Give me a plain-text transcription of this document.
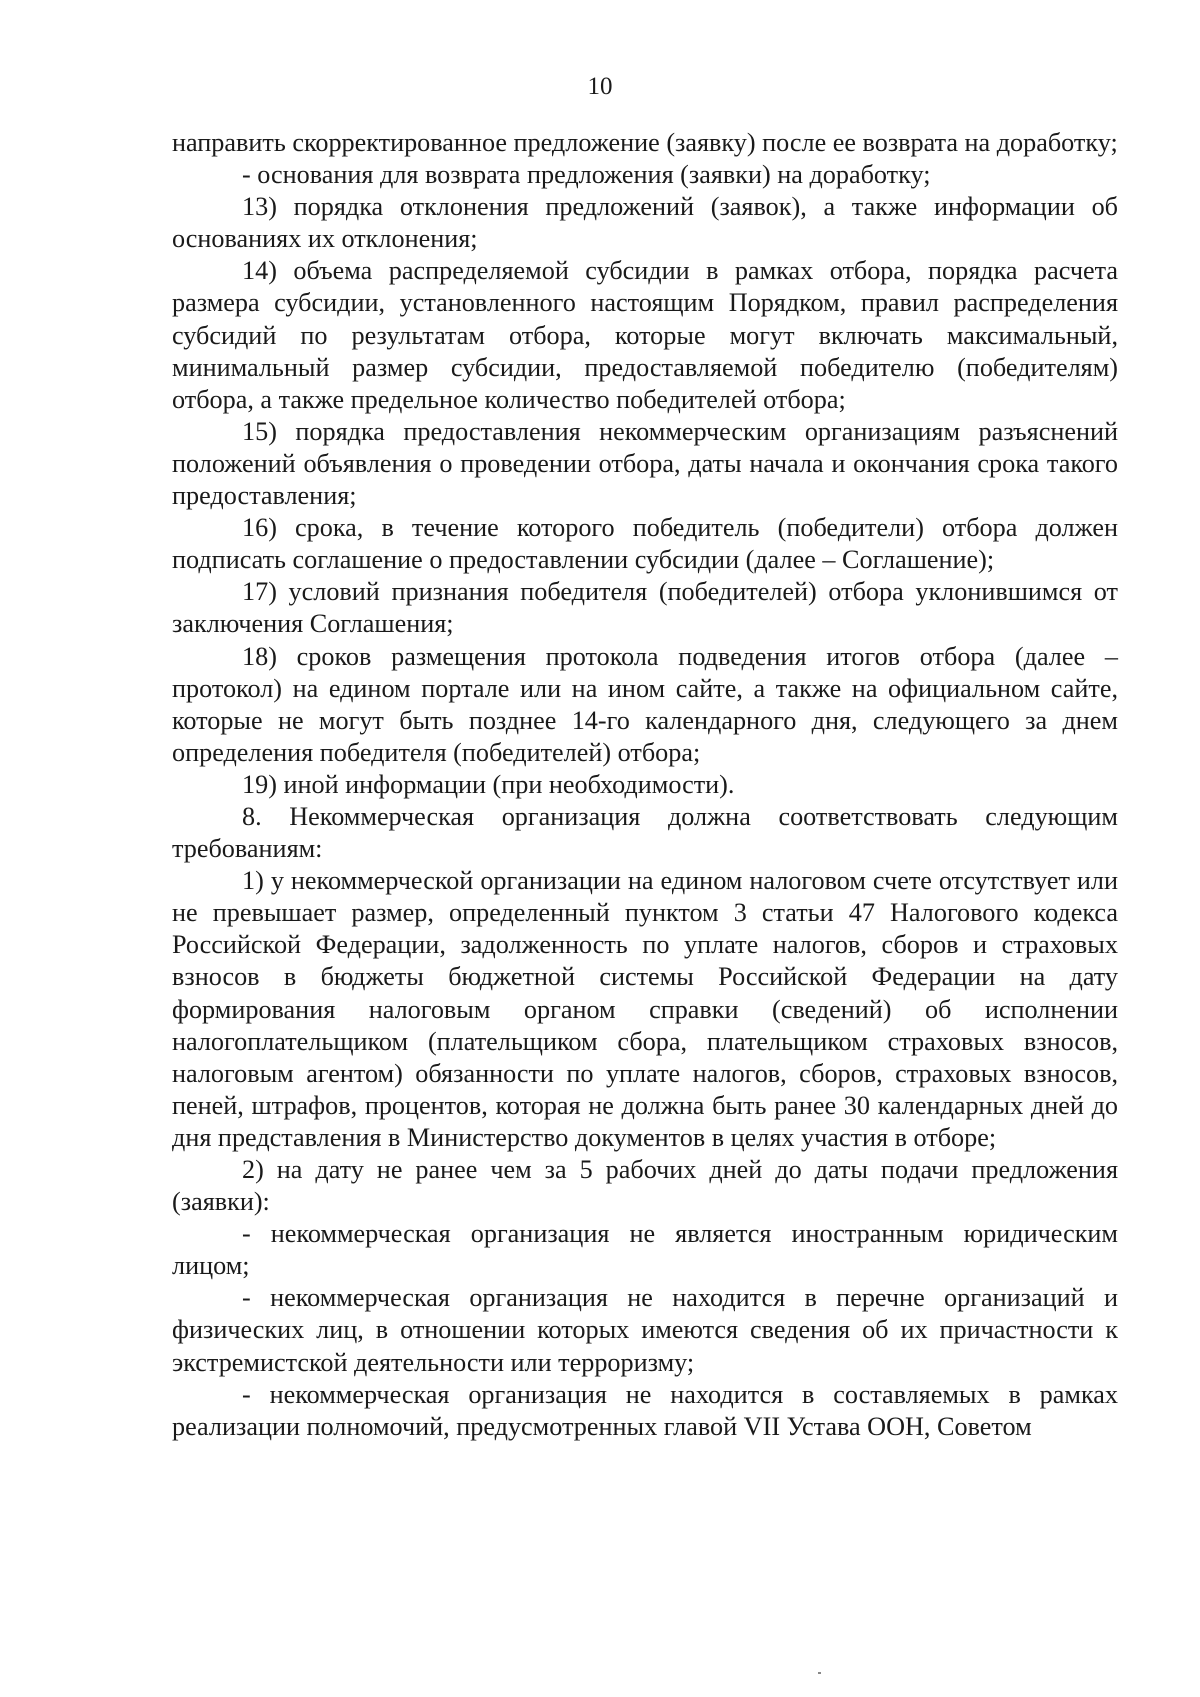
10

направить скорректированное предложение (заявку) после ее возврата на доработку;

- основания для возврата предложения (заявки) на доработку;

13) порядка отклонения предложений (заявок), а также информации об основаниях их отклонения;

14) объема распределяемой субсидии в рамках отбора, порядка расчета размера субсидии, установленного настоящим Порядком, правил распределения субсидий по результатам отбора, которые могут включать максимальный, минимальный размер субсидии, предоставляемой победителю (победителям) отбора, а также предельное количество победителей отбора;

15) порядка предоставления некоммерческим организациям разъяснений положений объявления о проведении отбора, даты начала и окончания срока такого предоставления;

16) срока, в течение которого победитель (победители) отбора должен подписать соглашение о предоставлении субсидии (далее – Соглашение);

17) условий признания победителя (победителей) отбора уклонившимся от заключения Соглашения;

18) сроков размещения протокола подведения итогов отбора (далее – протокол) на едином портале или на ином сайте, а также на официальном сайте, которые не могут быть позднее 14-го календарного дня, следующего за днем определения победителя (победителей) отбора;

19) иной информации (при необходимости).

8. Некоммерческая организация должна соответствовать следующим требованиям:

1) у некоммерческой организации на едином налоговом счете отсутствует или не превышает размер, определенный пунктом 3 статьи 47 Налогового кодекса Российской Федерации, задолженность по уплате налогов, сборов и страховых взносов в бюджеты бюджетной системы Российской Федерации на дату формирования налоговым органом справки (сведений) об исполнении налогоплательщиком (плательщиком сбора, плательщиком страховых взносов, налоговым агентом) обязанности по уплате налогов, сборов, страховых взносов, пеней, штрафов, процентов, которая не должна быть ранее 30 календарных дней до дня представления в Министерство документов в целях участия в отборе;

2) на дату не ранее чем за 5 рабочих дней до даты подачи предложения (заявки):

- некоммерческая организация не является иностранным юридическим лицом;

- некоммерческая организация не находится в перечне организаций и физических лиц, в отношении которых имеются сведения об их причастности к экстремистской деятельности или терроризму;

- некоммерческая организация не находится в составляемых в рамках реализации полномочий, предусмотренных главой VII Устава ООН, Советом
